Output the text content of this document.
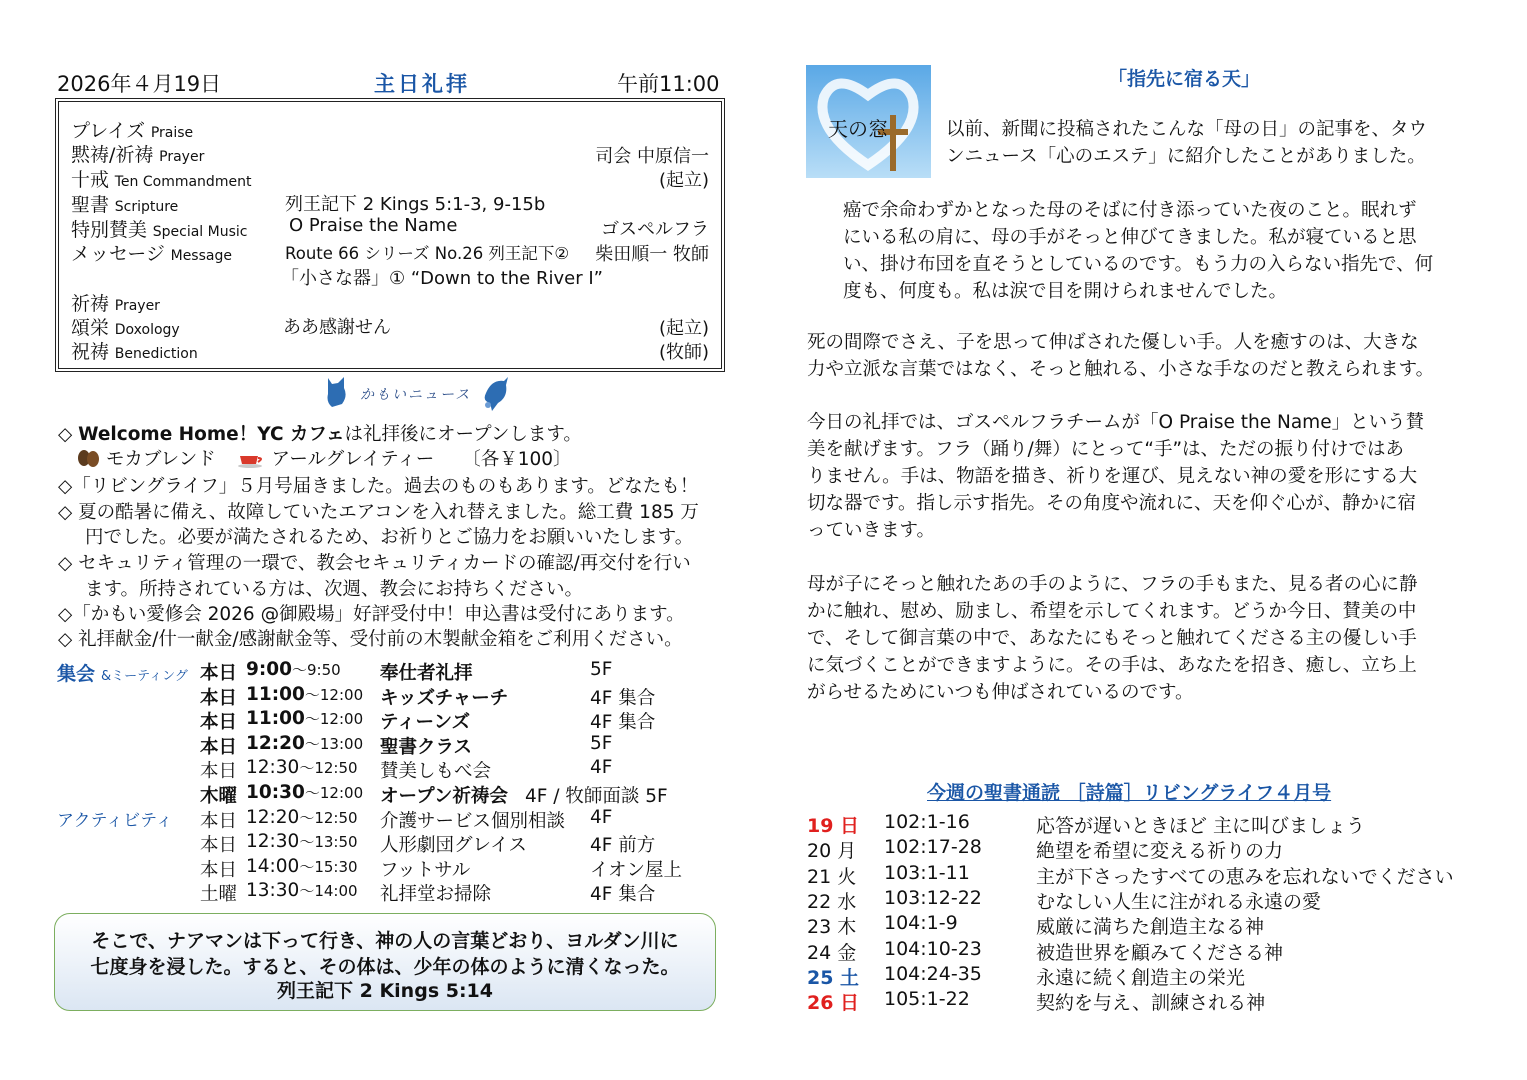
2026年４月19日	主日礼拝	午前11:00
プレイズ Praise
黙祷/祈祷 Prayer	司会 中原信一
十戒 Ten Commandment	(起立)
聖書 Scripture	列王記下 2 Kings 5:1-3, 9-15b
特別賛美 Special Music O Praise the Name	ゴスペルフラ
メッセージ Message	Route 66 シリーズ No.26 列王記下② 柴田順一 牧師
「小さな器」① “Down to the River I”
祈祷 Prayer
頌栄 Doxology	ああ感謝せん	(起立)
祝祷 Benediction	(牧師)
かもいニュース
◇ Welcome Home！YC カフェは礼拝後にオープンします。
モカブレンド	アールグレイティー 〔各￥100〕
◇「リビングライフ」５月号届きました。過去のものもあります。どなたも！
◇ 夏の酷暑に備え、故障していたエアコンを入れ替えました。総工費 185 万
円でした。必要が満たされるため、お祈りとご協力をお願いいたします。
◇ セキュリティ管理の一環で、教会セキュリティカードの確認/再交付を行い
ます。所持されている方は、次週、教会にお持ちください。
◇「かもい愛修会 2026 @御殿場」好評受付中！申込書は受付にあります。
◇ 礼拝献金/什一献金/感謝献金等、受付前の木製献金箱をご利用ください。
集会 &ミーティング
アクティビティ
本日 9:00～9:50 奉仕者礼拝	5F
本日 11:00～12:00 キッズチャーチ	4F 集合
本日 11:00～12:00 ティーンズ	4F 集合
本日 12:20～13:00 聖書クラス	5F
本日 12:30～12:50 賛美しもべ会	4F
木曜 10:30～12:00 オープン祈祷会 4F / 牧師面談 5F
本日 12:20～12:50 介護サービス個別相談 4F
本日 12:30～13:50 人形劇団グレイス	4F 前方
本日 14:00～15:30 フットサル	イオン屋上
土曜 13:30～14:00 礼拝堂お掃除	4F 集合
そこで、ナアマンは下って行き、神の人の言葉どおり、ヨルダン川に
七度身を浸した。すると、その体は、少年の体のように清くなった。
列王記下 2 Kings 5:14
天の窓
「指先に宿る天」
以前、新聞に投稿されたこんな「母の日」の記事を、タウ
ンニュース「心のエステ」に紹介したことがありました。
癌で余命わずかとなった母のそばに付き添っていた夜のこと。眠れず
にいる私の肩に、母の手がそっと伸びてきました。私が寝ていると思
い、掛け布団を直そうとしているのです。もう力の入らない指先で、何
度も、何度も。私は涙で目を開けられませんでした。
死の間際でさえ、子を思って伸ばされた優しい手。人を癒すのは、大きな
力や立派な言葉ではなく、そっと触れる、小さな手なのだと教えられます。
今日の礼拝では、ゴスペルフラチームが「O Praise the Name」という賛
美を献げます。フラ（踊り/舞）にとって“手”は、ただの振り付けではあ
りません。手は、物語を描き、祈りを運び、見えない神の愛を形にする大
切な器です。指し示す指先。その角度や流れに、天を仰ぐ心が、静かに宿
っていきます。
母が子にそっと触れたあの手のように、フラの手もまた、見る者の心に静
かに触れ、慰め、励まし、希望を示してくれます。どうか今日、賛美の中
で、そして御言葉の中で、あなたにもそっと触れてくださる主の優しい手
に気づくことができますように。その手は、あなたを招き、癒し、立ち上
がらせるためにいつも伸ばされているのです。
今週の聖書通読 ［詩篇］リビングライフ４月号
19 日 102:1-16	応答が遅いときほど 主に叫びましょう
20 月 102:17-28	絶望を希望に変える祈りの力
21 火 103:1-11	主が下さったすべての恵みを忘れないでください
22 水 103:12-22	むなしい人生に注がれる永遠の愛
23 木 104:1-9	威厳に満ちた創造主なる神
24 金 104:10-23	被造世界を顧みてくださる神
25 土 104:24-35	永遠に続く創造主の栄光
26 日 105:1-22	契約を与え、訓練される神
